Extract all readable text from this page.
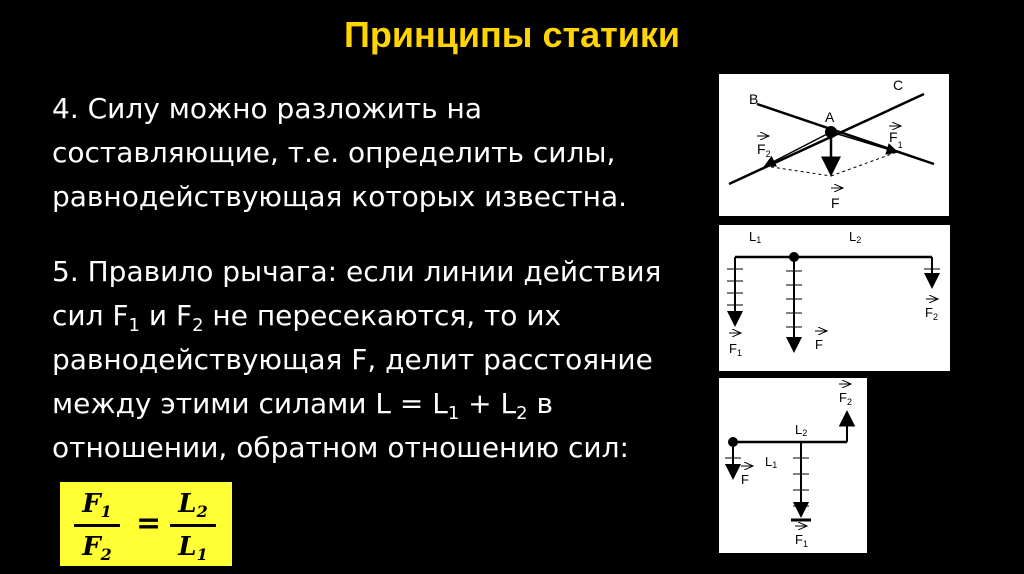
Принципы статики
4. Силу можно разложить на
составляющие, т.е. определить силы,
равнодействующая которых известна.
5. Правило рычага: если линии действия
сил $F_1$ и $F_2$ не пересекаются, то их
равнодействующая F, делит расстояние
между этими силами $L = L_1 + L_2$ в
отношении, обратном отношению сил:
$F_1$
$F_2$
=
$L_2$
$L_1$
B
C
A
$F_2$
$F_1$
F
L1	L2
$F_1$
F
$F_2$
L2
L1
F
$F_2$
$F_1$
